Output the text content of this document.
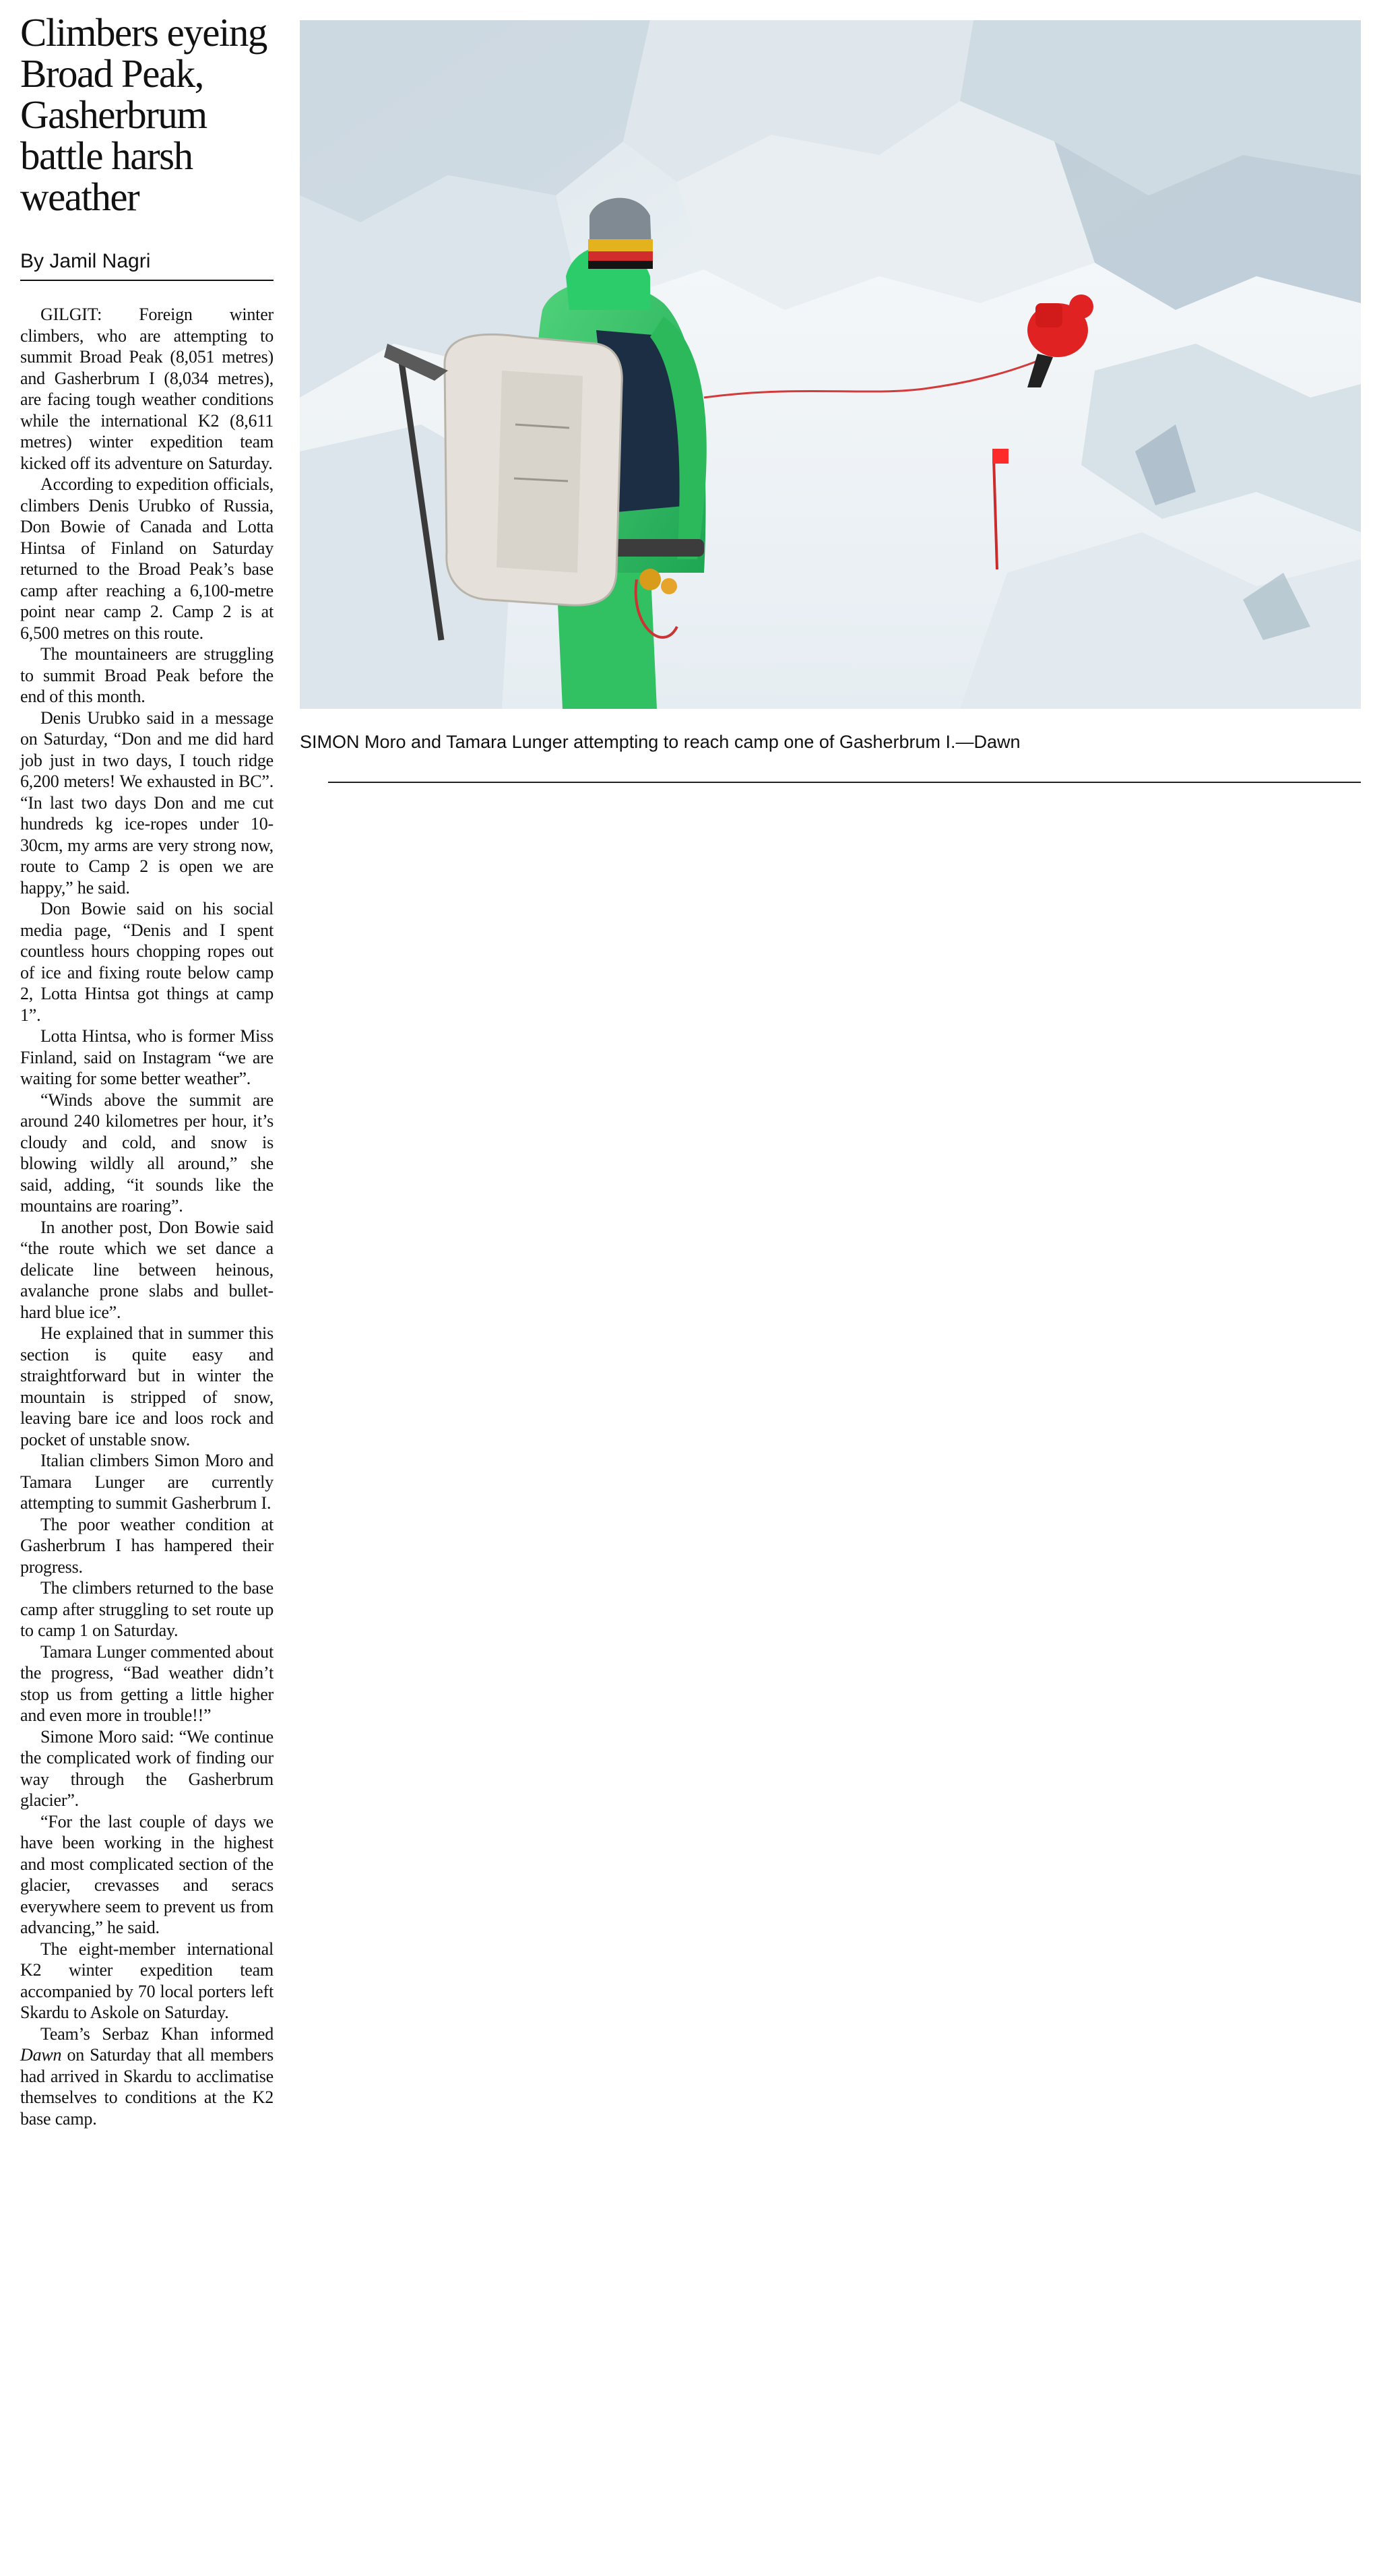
Climbers eyeing Broad Peak, Gasherbrum battle harsh weather
By Jamil Nagri

GILGIT: Foreign winter climbers, who are attempting to summit Broad Peak (8,051 metres) and Gasherbrum I (8,034 metres), are facing tough weather conditions while the international K2 (8,611 metres) winter expedition team kicked off its adventure on Saturday.

According to expedition officials, climbers Denis Urubko of Russia, Don Bowie of Canada and Lotta Hintsa of Finland on Saturday returned to the Broad Peak’s base camp after reaching a 6,100-metre point near camp 2. Camp 2 is at 6,500 metres on this route.

The mountaineers are struggling to summit Broad Peak before the end of this month.

Denis Urubko said in a message on Saturday, “Don and me did hard job just in two days, I touch ridge 6,200 meters! We exhausted in BC”. “In last two days Don and me cut hundreds kg ice-ropes under 10-30cm, my arms are very strong now, route to Camp 2 is open we are happy,” he said.

Don Bowie said on his social media page, “Denis and I spent countless hours chopping ropes out of ice and fixing route below camp 2, Lotta Hintsa got things at camp 1”.

Lotta Hintsa, who is former Miss Finland, said on Instagram “we are waiting for some better weather”.

“Winds above the summit are around 240 kilometres per hour, it’s cloudy and cold, and snow is blowing wildly all around,” she said, adding, “it sounds like the mountains are roaring”.

In another post, Don Bowie said “the route which we set dance a delicate line between heinous, avalanche prone slabs and bullet-hard blue ice”.

He explained that in summer this section is quite easy and straightforward but in winter the mountain is stripped of snow, leaving bare ice and loos rock and pocket of unstable snow.

Italian climbers Simon Moro and Tamara Lunger are currently attempting to summit Gasherbrum I.

The poor weather condition at Gasherbrum I has hampered their progress.

The climbers returned to the base camp after struggling to set route up to camp 1 on Saturday.

Tamara Lunger commented about the progress, “Bad weather didn’t stop us from getting a little higher and even more in trouble!!”

Simone Moro said: “We continue the complicated work of finding our way through the Gasherbrum glacier”.

“For the last couple of days we have been working in the highest and most complicated section of the glacier, crevasses and seracs everywhere seem to prevent us from advancing,” he said.

The eight-member international K2 winter expedition team accompanied by 70 local porters left Skardu to Askole on Saturday.

Team’s Serbaz Khan informed Dawn on Saturday that all members had arrived in Skardu to acclimatise themselves to conditions at the K2 base camp.

SIMON Moro and Tamara Lunger attempting to reach camp one of Gasherbrum I.—Dawn
